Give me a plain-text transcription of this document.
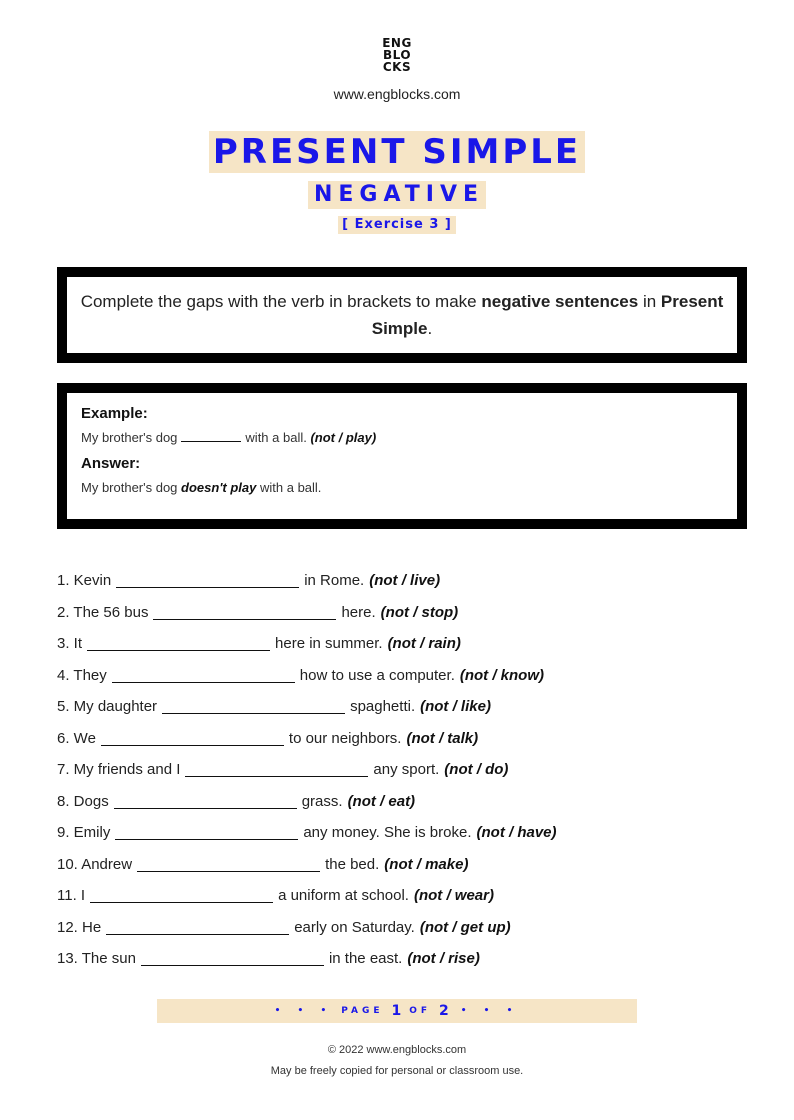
ENG
BLO
CKS
www.engblocks.com
PRESENT SIMPLE
NEGATIVE
[ Exercise 3 ]

Complete the gaps with the verb in brackets to make negative sentences in Present Simple.

Example:
My brother's dog	with a ball. (not / play)
Answer:
My brother's dog doesn't play with a ball.
1. Kevin	in Rome. (not / live)
2. The 56 bus	here. (not / stop)
3. It	here in summer. (not / rain)
4. They	how to use a computer. (not / know)
5. My daughter	spaghetti. (not / like)
6. We	to our neighbors. (not / talk)
7. My friends and I	any sport. (not / do)
8. Dogs	grass. (not / eat)
9. Emily	any money. She is broke. (not / have)
10. Andrew	the bed. (not / make)
11. I	a uniform at school. (not / wear)
12. He	early on Saturday. (not / get up)
13. The sun	in the east. (not / rise)
• • • PAGE 1 OF 2 • • •
© 2022 www.engblocks.com
May be freely copied for personal or classroom use.
